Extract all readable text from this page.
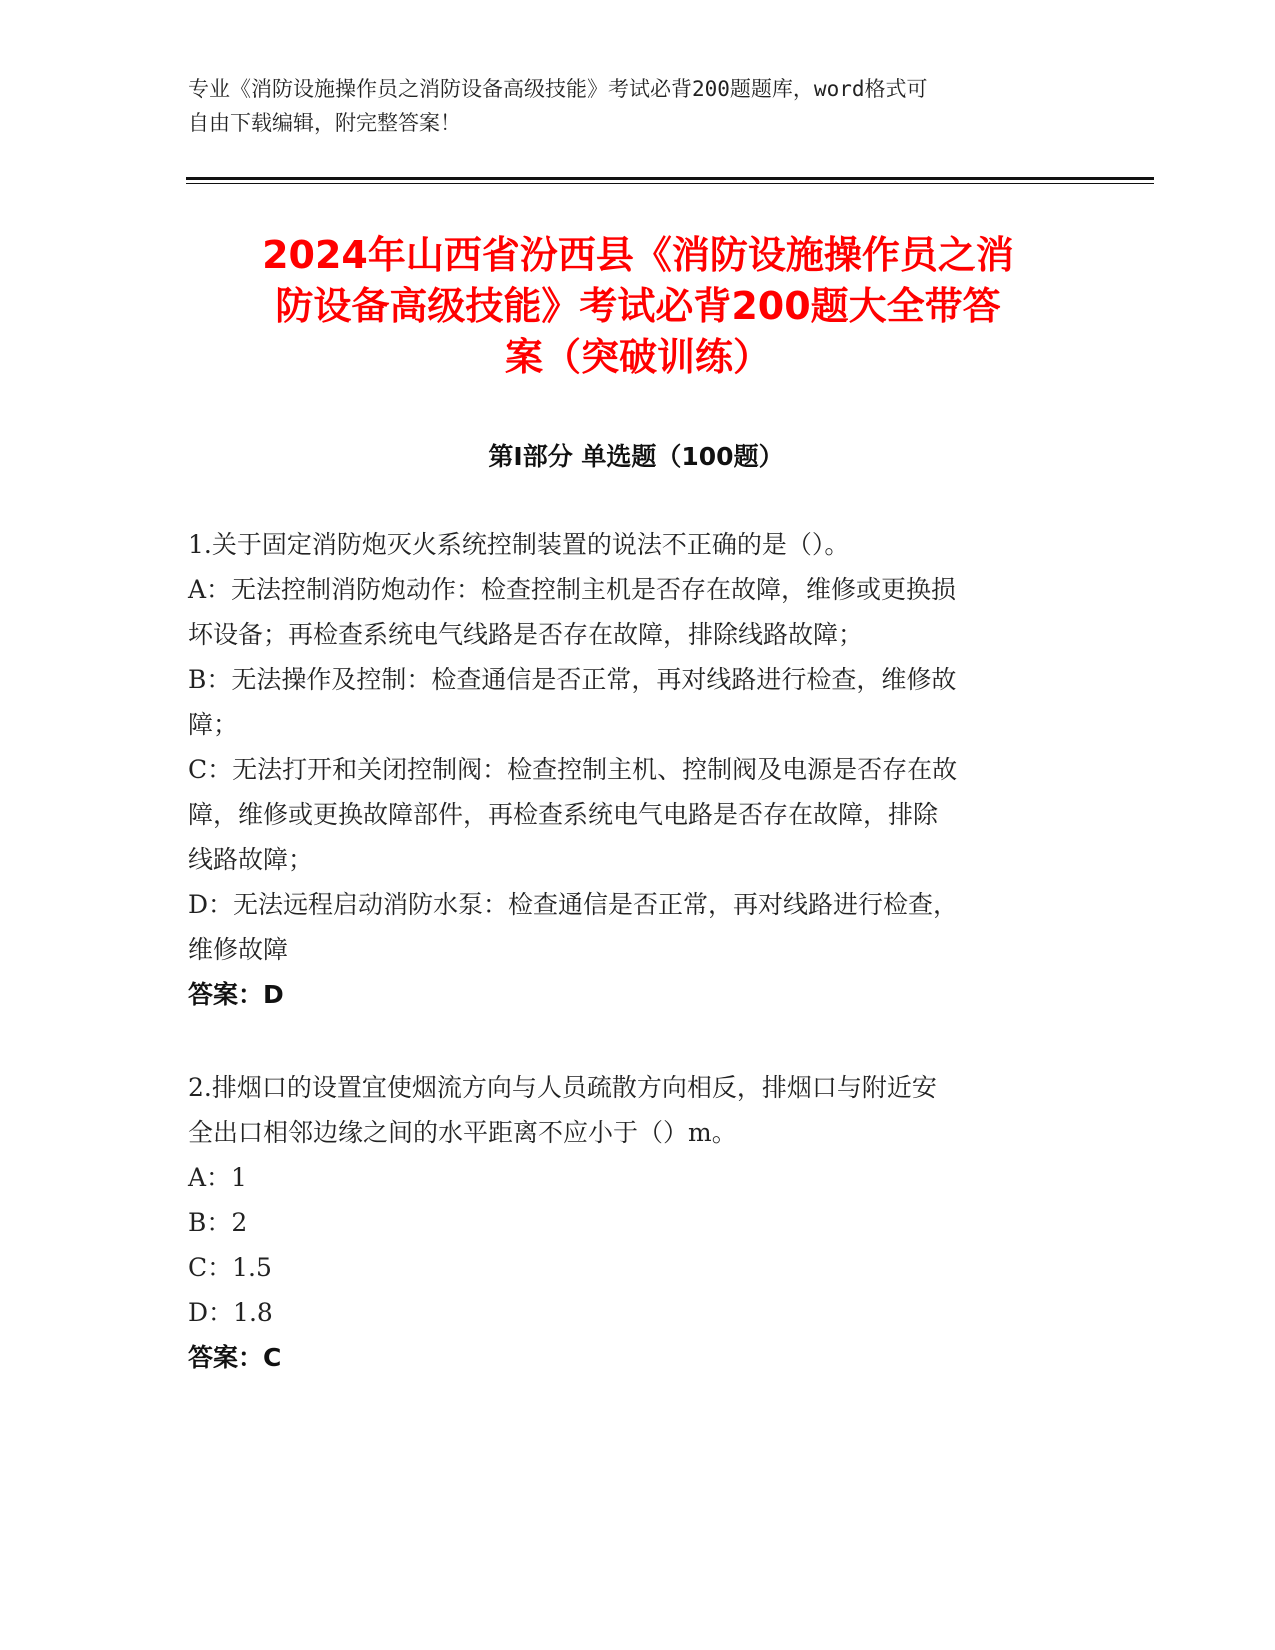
专业《消防设施操作员之消防设备高级技能》考试必背200题题库，word格式可
自由下载编辑，附完整答案！
2024年山西省汾西县《消防设施操作员之消
防设备高级技能》考试必背200题大全带答
案（突破训练）
第I部分 单选题（100题）
1.关于固定消防炮灭火系统控制装置的说法不正确的是（）。
A：无法控制消防炮动作：检查控制主机是否存在故障，维修或更换损
坏设备；再检查系统电气线路是否存在故障，排除线路故障；
B：无法操作及控制：检查通信是否正常，再对线路进行检查，维修故
障；
C：无法打开和关闭控制阀：检查控制主机、控制阀及电源是否存在故
障，维修或更换故障部件，再检查系统电气电路是否存在故障，排除
线路故障；
D：无法远程启动消防水泵：检查通信是否正常，再对线路进行检查，
维修故障
答案：D
2.排烟口的设置宜使烟流方向与人员疏散方向相反，排烟口与附近安
全出口相邻边缘之间的水平距离不应小于（）m。
A：1
B：2
C：1.5
D：1.8
答案：C
